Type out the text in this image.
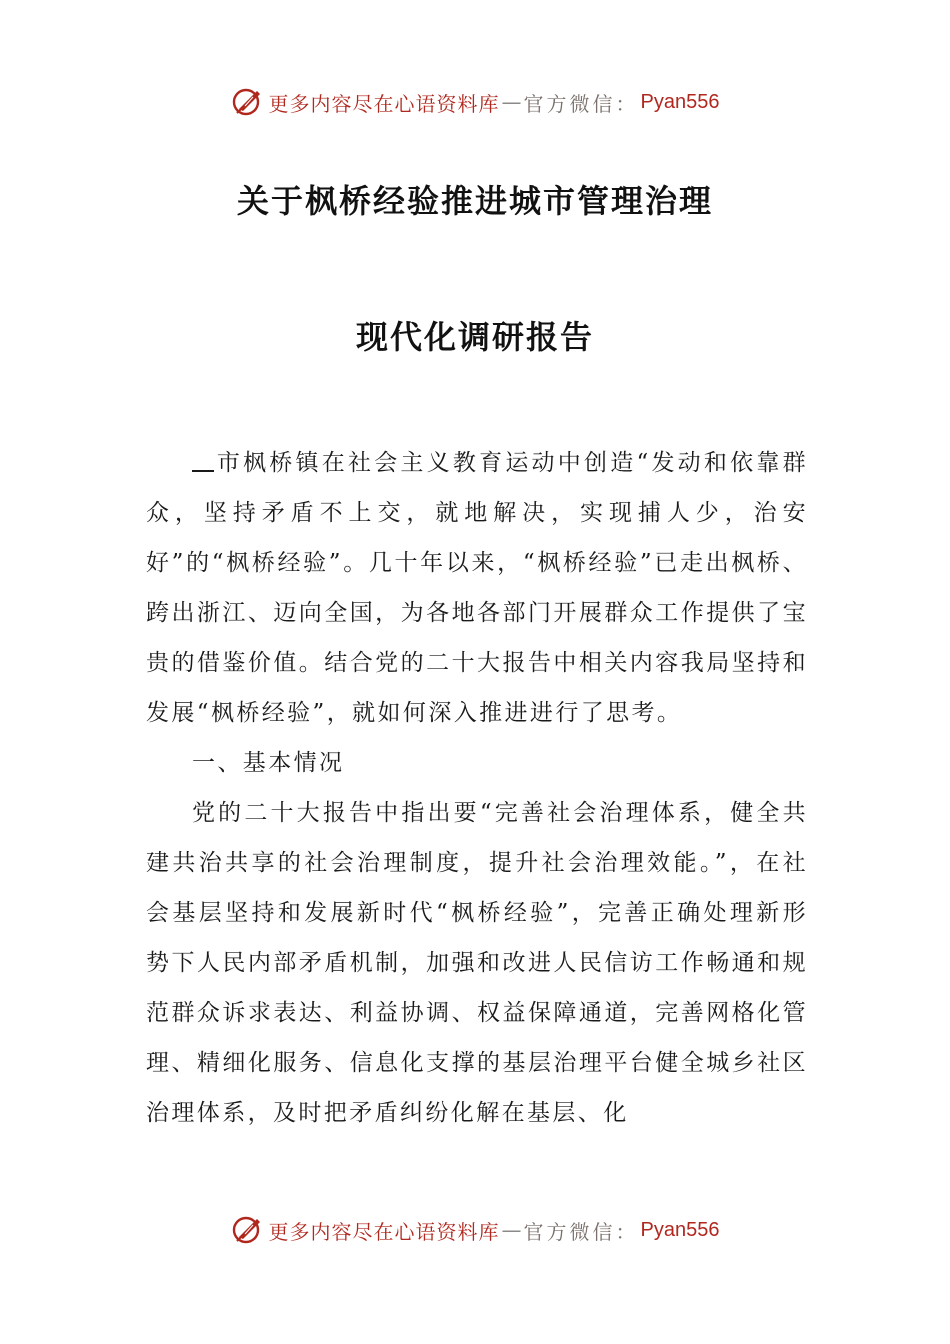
更多内容尽在心语资料库 — 官方微信： Pyan556
关于枫桥经验推进城市管理治理
现代化调研报告

市枫桥镇在社会主义教育运动中创造“发动和依靠群众，坚持矛盾不上交，就地解决，实现捕人少，治安好”的“枫桥经验”。几十年以来，“枫桥经验”已走出枫桥、跨出浙江、迈向全国，为各地各部门开展群众工作提供了宝贵的借鉴价值。结合党的二十大报告中相关内容我局坚持和发展“枫桥经验”，就如何深入推进进行了思考。

一、基本情况

党的二十大报告中指出要“完善社会治理体系，健全共建共治共享的社会治理制度，提升社会治理效能。”，在社会基层坚持和发展新时代“枫桥经验”，完善正确处理新形势下人民内部矛盾机制，加强和改进人民信访工作畅通和规范群众诉求表达、利益协调、权益保障通道，完善网格化管理、精细化服务、信息化支撑的基层治理平台健全城乡社区治理体系，及时把矛盾纠纷化解在基层、化

更多内容尽在心语资料库 — 官方微信： Pyan556
